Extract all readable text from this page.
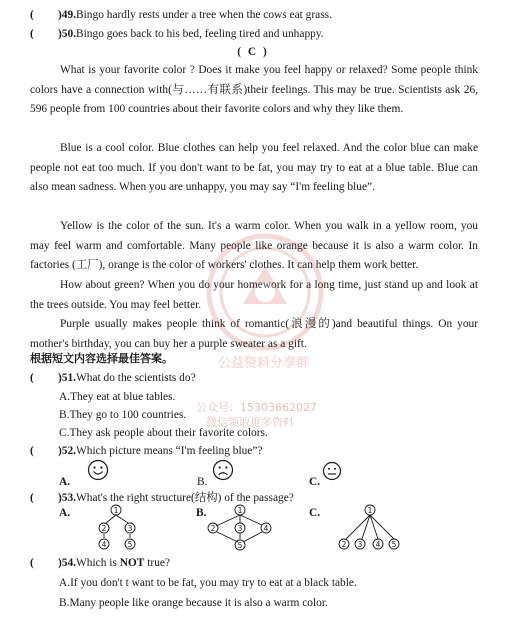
( )49.Bingo hardly rests under a tree when the cows eat grass.
( )50.Bingo goes back to his bed, feeling tired and unhappy.
( C )
What is your favorite color ? Does it make you feel happy or relaxed? Some people think colors have a connection with(与……有联系)their feelings. This may be true. Scientists ask 26, 596 people from 100 countries about their favorite colors and why they like them.
Blue is a cool color. Blue clothes can help you feel relaxed. And the color blue can make people not eat too much. If you don't want to be fat, you may try to eat at a blue table. Blue can also mean sadness. When you are unhappy, you may say “I'm feeling blue”.
Yellow is the color of the sun. It's a warm color. When you walk in a yellow room, you may feel warm and comfortable. Many people like orange because it is also a warm color. In factories (工厂), orange is the color of workers' clothes. It can help them work better.
How about green? When you do your homework for a long time, just stand up and look at the trees outside. You may feel better.
Purple usually makes people think of romantic(浪漫的)and beautiful things. On your mother's birthday, you can buy her a purple sweater as a gift.
根据短文内容选择最佳答案。
( )51.What do the scientists do?
A.They eat at blue tables.
B.They go to 100 countries.
C.They ask people about their favorite colors.
( )52.Which picture means “I'm feeling blue”?
A.	B.	C.
( )53.What's the right structure(结构) of the passage?
A.	1
2	3
4	5
B.	1
2	3	4
5
C.	1
2 3 4 5
( )54.Which is NOT true?
A.If you don't t want to be fat, you may try to eat at a black table.
B.Many people like orange because it is also a warm color.
公益资料分享群
公众号：15303662027
微信领取更多资料
